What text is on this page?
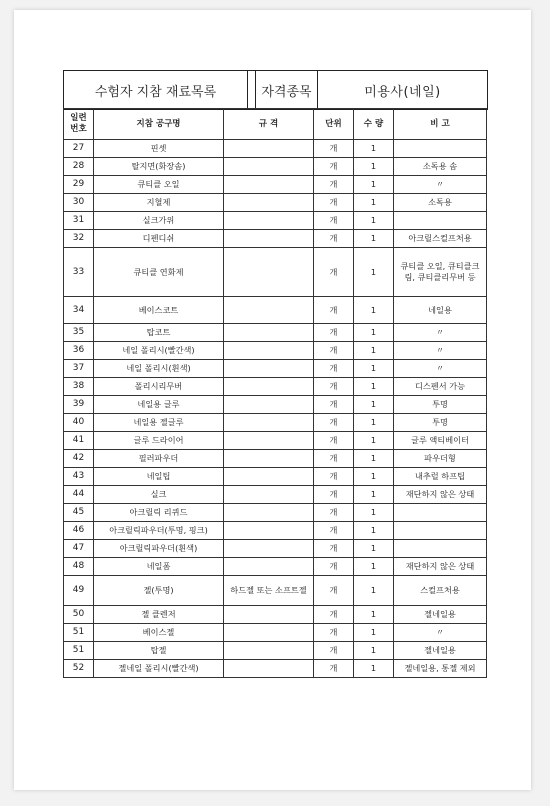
수험자 지참 재료목록	자격종목	미용사(네일)
일련
번호	지참 공구명	규 격	단위	수 량	비 고
27	핀셋		개	1	
28	탈지면(화장솜)		개	1	소독용 솜
29	큐티클 오일		개	1	〃
30	지혈제		개	1	소독용
31	실크가위		개	1	
32	디펜디쉬		개	1	아크릴스컬프처용
33	큐티클 연화제		개	1	큐티클 오일, 큐티클크림, 큐티클리무버 등
34	베이스코트		개	1	네일용
35	탑코트		개	1	〃
36	네일 폴리시(빨간색)		개	1	〃
37	네일 폴리시(흰색)		개	1	〃
38	폴리시리무버		개	1	디스펜서 가능
39	네일용 글루		개	1	투명
40	네일용 젤글루		개	1	투명
41	글루 드라이어		개	1	글루 액티베이터
42	필러파우더		개	1	파우더형
43	네일팁		개	1	내추럴 하프팁
44	실크		개	1	재단하지 않은 상태
45	아크릴릭 리퀴드		개	1	
46	아크릴릭파우더(투명, 핑크)		개	1	
47	아크릴릭파우더(흰색)		개	1	
48	네일폼		개	1	재단하지 않은 상태
49	젤(투명)	하드젤 또는 소프트젤	개	1	스컬프처용
50	젤 클렌저		개	1	젤네일용
51	베이스젤		개	1	〃
51	탑젤		개	1	젤네일용
52	젤네일 폴리시(빨간색)		개	1	젤네일용, 통젤 제외
